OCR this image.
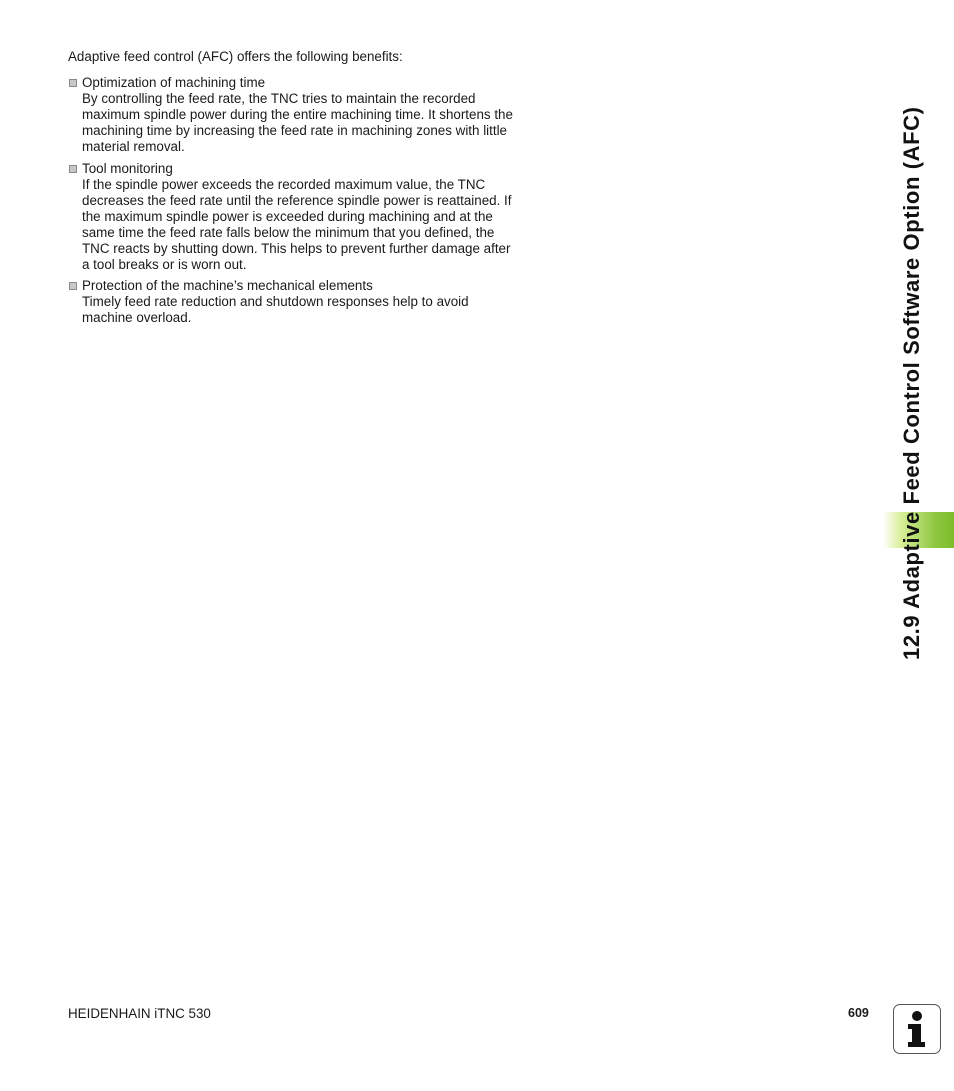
Adaptive feed control (AFC) offers the following benefits:

Optimization of machining time
By controlling the feed rate, the TNC tries to maintain the recorded maximum spindle power during the entire machining time. It shortens the machining time by increasing the feed rate in machining zones with little material removal.
Tool monitoring
If the spindle power exceeds the recorded maximum value, the TNC decreases the feed rate until the reference spindle power is reattained. If the maximum spindle power is exceeded during machining and at the same time the feed rate falls below the minimum that you defined, the TNC reacts by shutting down. This helps to prevent further damage after a tool breaks or is worn out.
Protection of the machine’s mechanical elements
Timely feed rate reduction and shutdown responses help to avoid machine overload.	12.9 Adaptive Feed Control Software Option (AFC)
HEIDENHAIN iTNC 530	609
